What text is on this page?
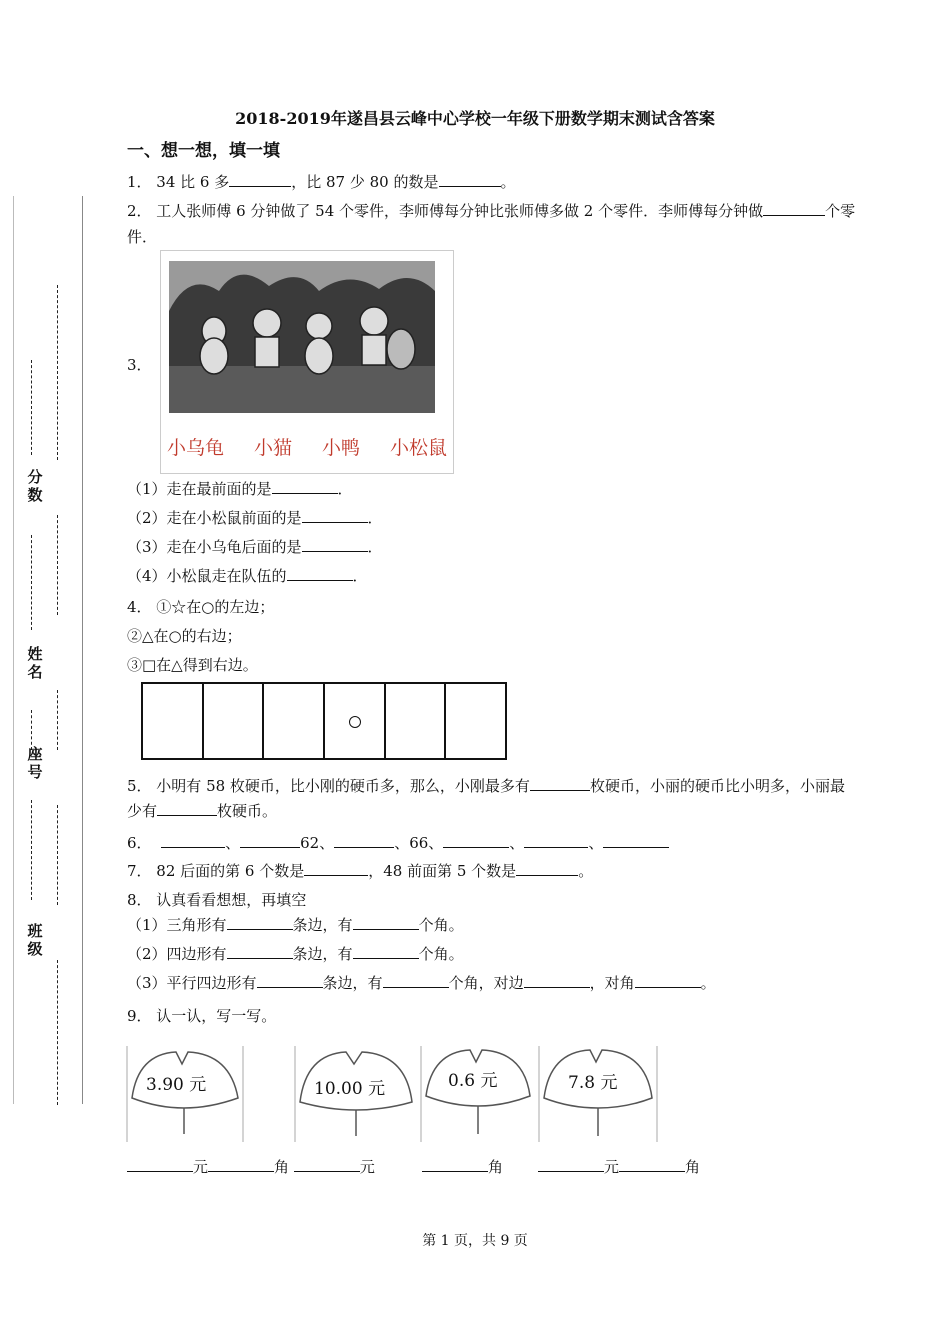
分数
姓名
座号
班级
2018-2019年遂昌县云峰中心学校一年级下册数学期末测试含答案
一、想一想，填一填
1． 34 比 6 多	，比 87 少 80 的数是	。
2． 工人张师傅 6 分钟做了 54 个零件，李师傅每分钟比张师傅多做 2 个零件．李师傅每分钟做	个零
件．
3．
小乌龟 小猫 小鸭 小松鼠
（1）走在最前面的是	．
（2）走在小松鼠前面的是	．
（3）走在小乌龟后面的是	．
（4）小松鼠走在队伍的	．
4． ①☆在○的左边；
②△在○的右边；
③□在△得到右边。
5． 小明有 58 枚硬币，比小刚的硬币多，那么，小刚最多有	枚硬币，小丽的硬币比小明多，小丽最
少有	枚硬币。
6．	、	62、	、66、	、	、
7． 82 后面的第 6 个数是	，48 前面第 5 个数是	。
8． 认真看看想想，再填空
（1）三角形有	条边，有	个角。
（2）四边形有	条边，有	个角。
（3）平行四边形有	条边，有	个角，对边	，对角	。
9． 认一认，写一写。
3.90 元	10.00 元	0.6 元	7.8 元
元	角	元	角	元	角
第 1 页，共 9 页
